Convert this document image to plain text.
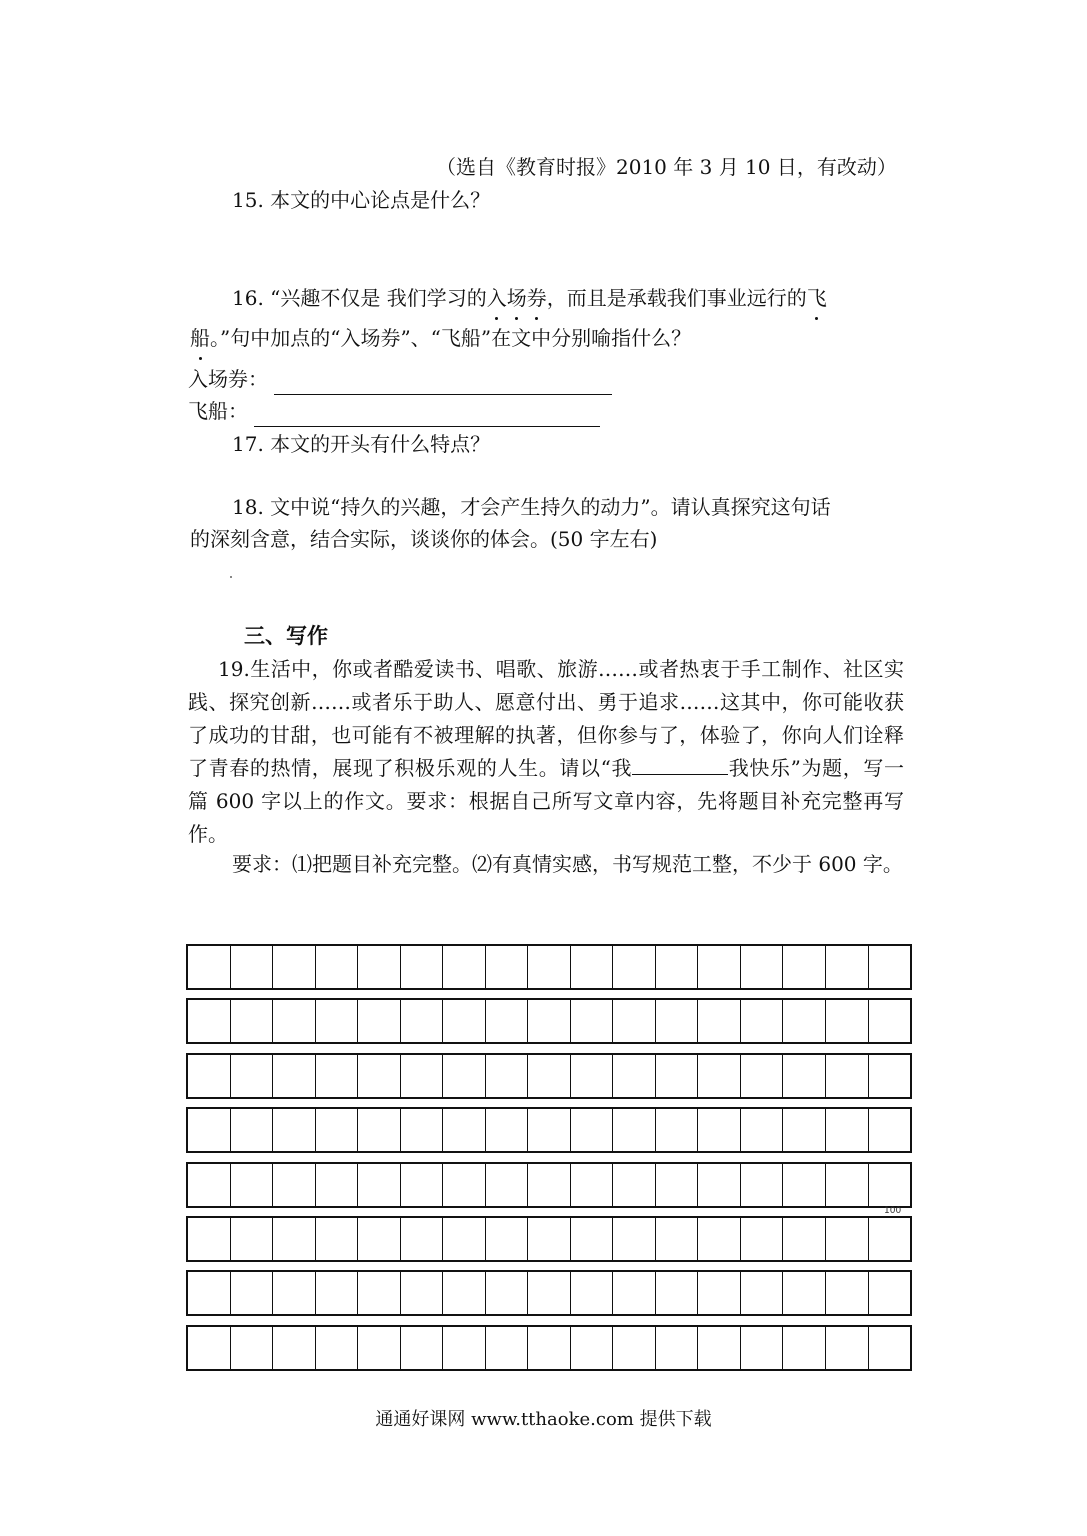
（选自《教育时报》2010 年 3 月 10 日，有改动）
15. 本文的中心论点是什么？
16. “兴趣不仅是 我们学习的入场券，而且是承载我们事业远行的飞
船。”句中加点的“入场券”、“飞船”在文中分别喻指什么？
入场券：
飞船：
17. 本文的开头有什么特点？
18. 文中说“持久的兴趣，才会产生持久的动力”。请认真探究这句话
的深刻含意，结合实际，谈谈你的体会。(50 字左右)
三、写作
19.生活中，你或者酷爱读书、唱歌、旅游……或者热衷于手工制作、社区实践、探究创新……或者乐于助人、愿意付出、勇于追求……这其中，你可能收获了成功的甘甜，也可能有不被理解的执著，但你参与了，体验了，你向人们诠释了青春的热情，展现了积极乐观的人生。请以“我	我快乐”为题，写一篇 600 字以上的作文。要求：根据自己所写文章内容，先将题目补充完整再写作。
要求：⑴把题目补充完整。⑵有真情实感，书写规范工整，不少于 600 字。
100
通通好课网 www.tthaoke.com 提供下载
